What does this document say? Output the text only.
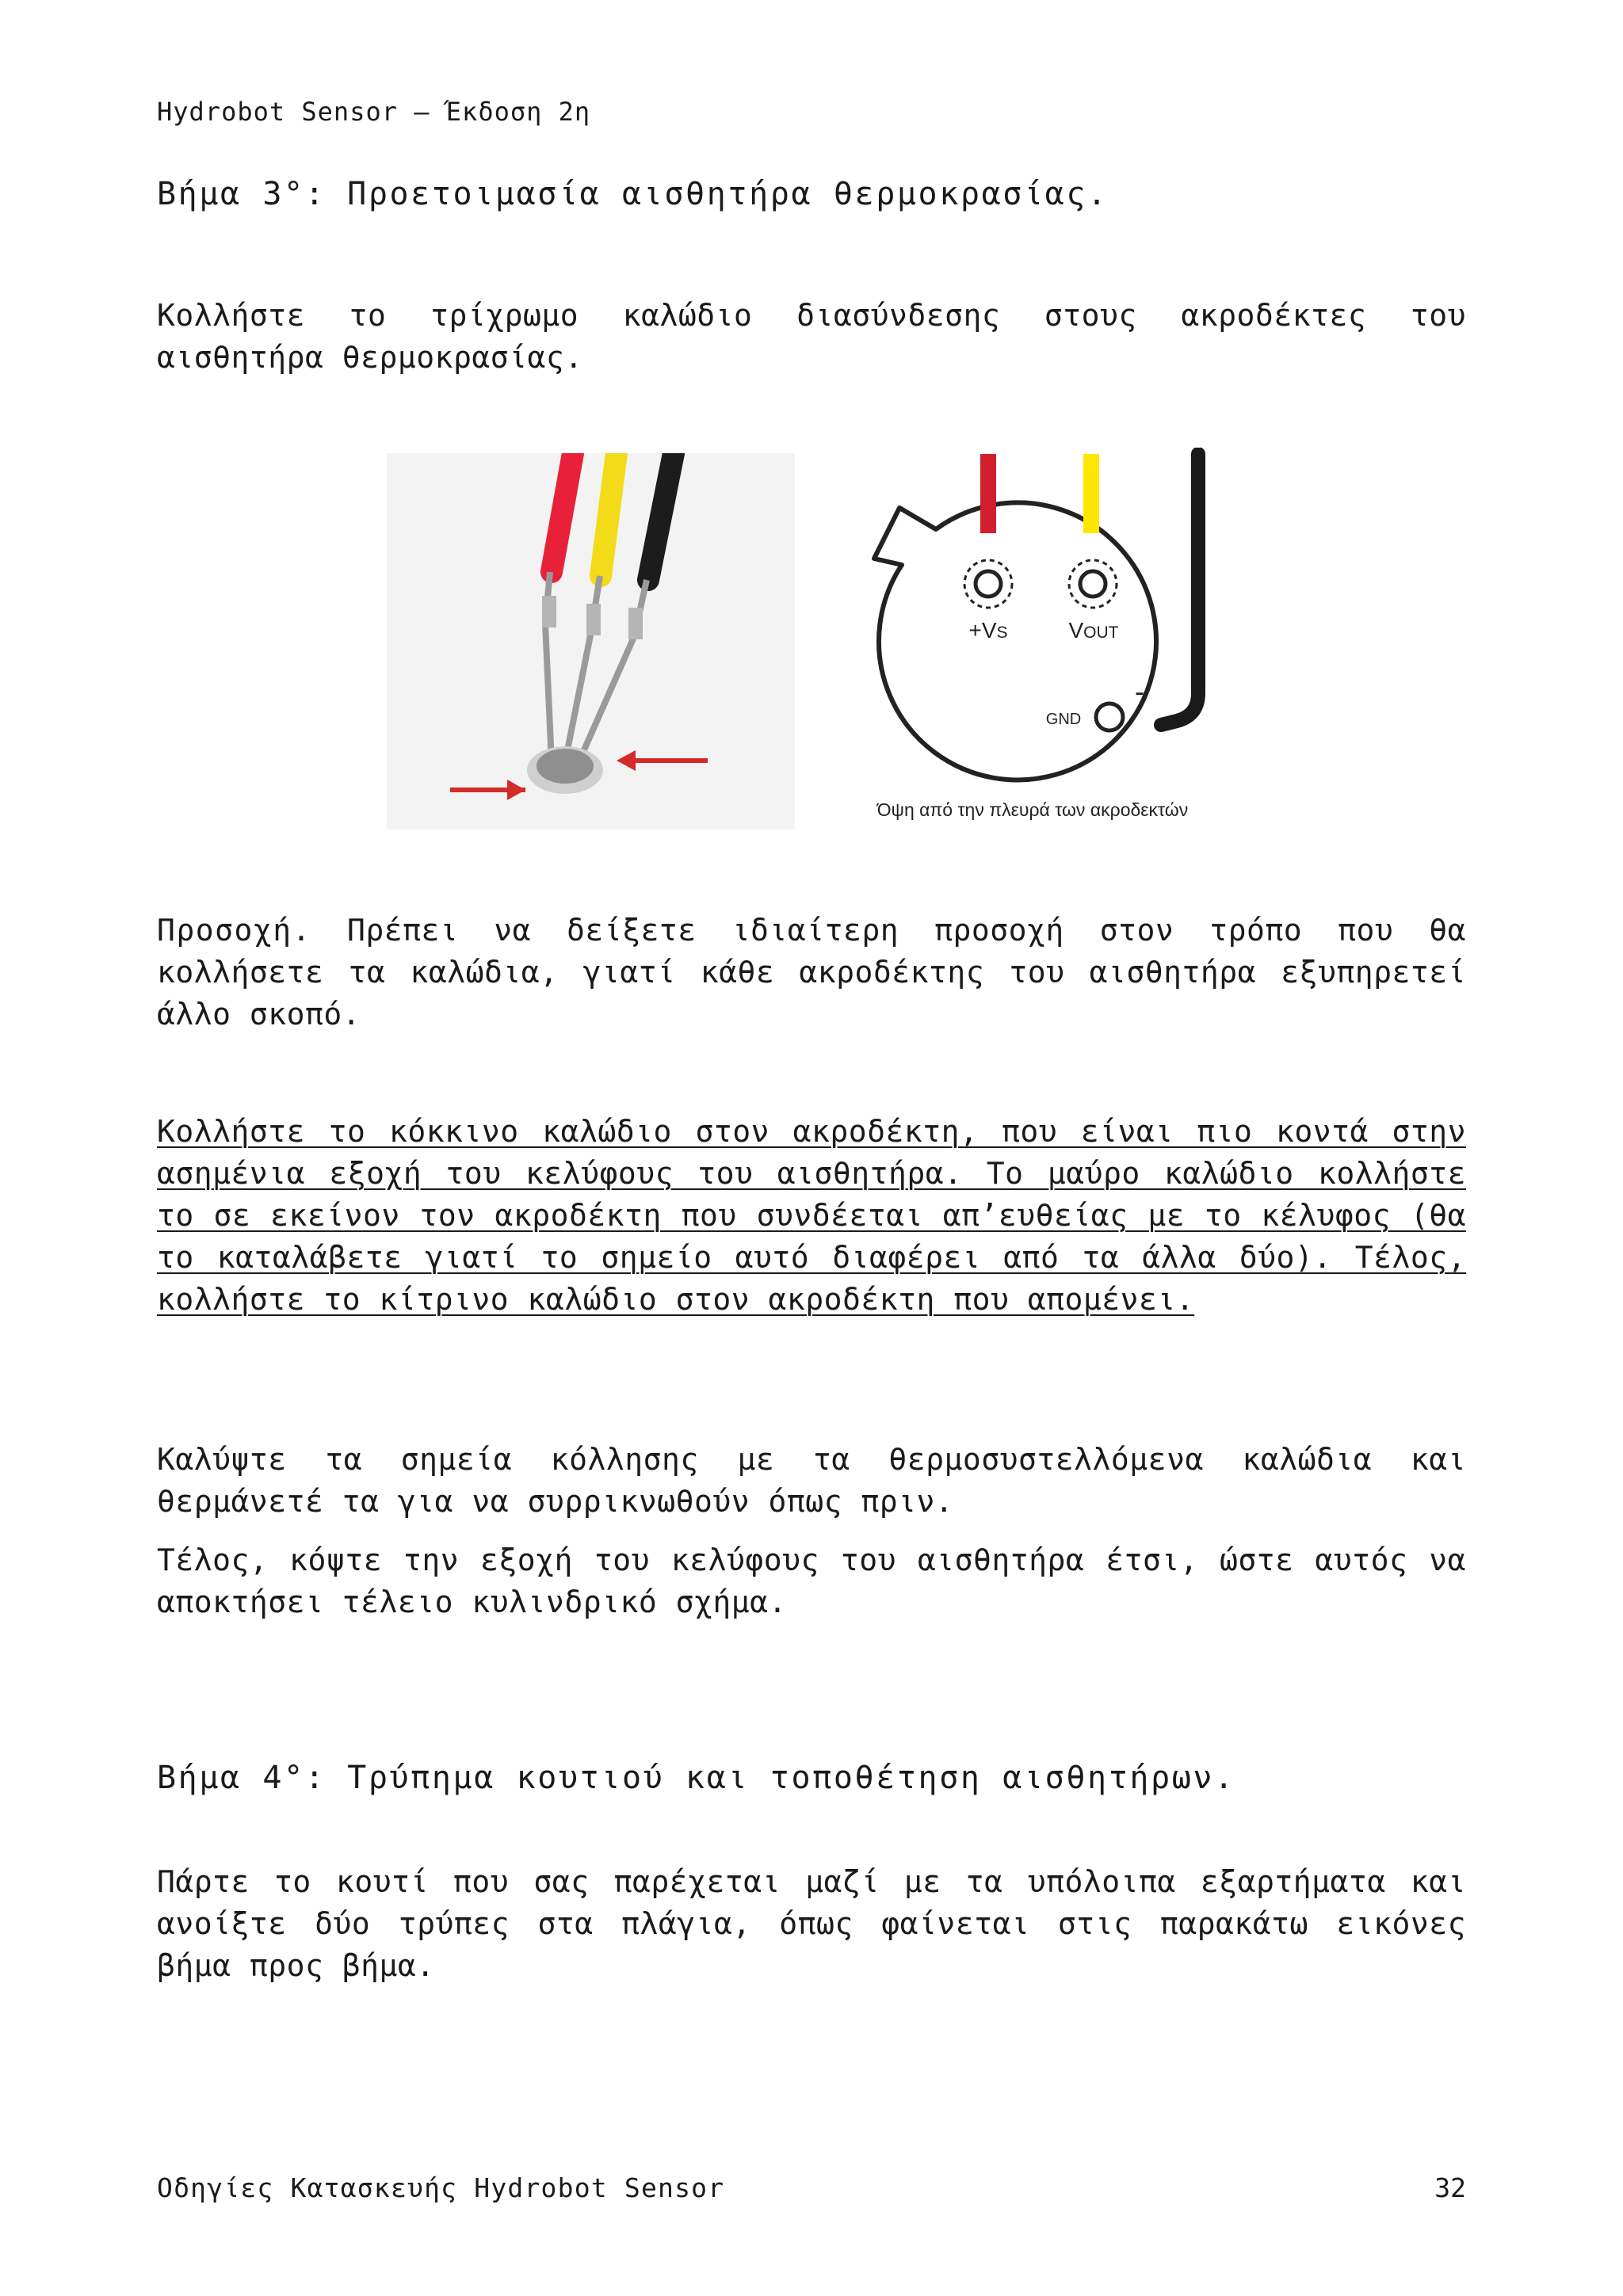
Hydrobot Sensor – Έκδοση 2η
Βήμα 3°: Προετοιμασία αισθητήρα θερμοκρασίας.

Κολλήστε το τρίχρωμο καλώδιο διασύνδεσης στους ακροδέκτες του αισθητήρα θερμοκρασίας.

+VS	VOUT
GND
-
Όψη από την πλευρά των ακροδεκτών

Προσοχή. Πρέπει να δείξετε ιδιαίτερη προσοχή στον τρόπο που θα κολλήσετε τα καλώδια, γιατί κάθε ακροδέκτης του αισθητήρα εξυπηρετεί άλλο σκοπό.

Κολλήστε το κόκκινο καλώδιο στον ακροδέκτη, που είναι πιο κοντά στην ασημένια εξοχή του κελύφους του αισθητήρα. Το μαύρο καλώδιο κολλήστε το σε εκείνον τον ακροδέκτη που συνδέεται απ’ευθείας με το κέλυφος (θα το καταλάβετε γιατί το σημείο αυτό διαφέρει από τα άλλα δύο). Τέλος, κολλήστε το κίτρινο καλώδιο στον ακροδέκτη που απομένει.

Καλύψτε τα σημεία κόλλησης με τα θερμοσυστελλόμενα καλώδια και θερμάνετέ τα για να συρρικνωθούν όπως πριν.

Τέλος, κόψτε την εξοχή του κελύφους του αισθητήρα έτσι, ώστε αυτός να αποκτήσει τέλειο κυλινδρικό σχήμα.

Βήμα 4°: Τρύπημα κουτιού και τοποθέτηση αισθητήρων.

Πάρτε το κουτί που σας παρέχεται μαζί με τα υπόλοιπα εξαρτήματα και ανοίξτε δύο τρύπες στα πλάγια, όπως φαίνεται στις παρακάτω εικόνες βήμα προς βήμα.

Οδηγίες Κατασκευής Hydrobot Sensor	32
